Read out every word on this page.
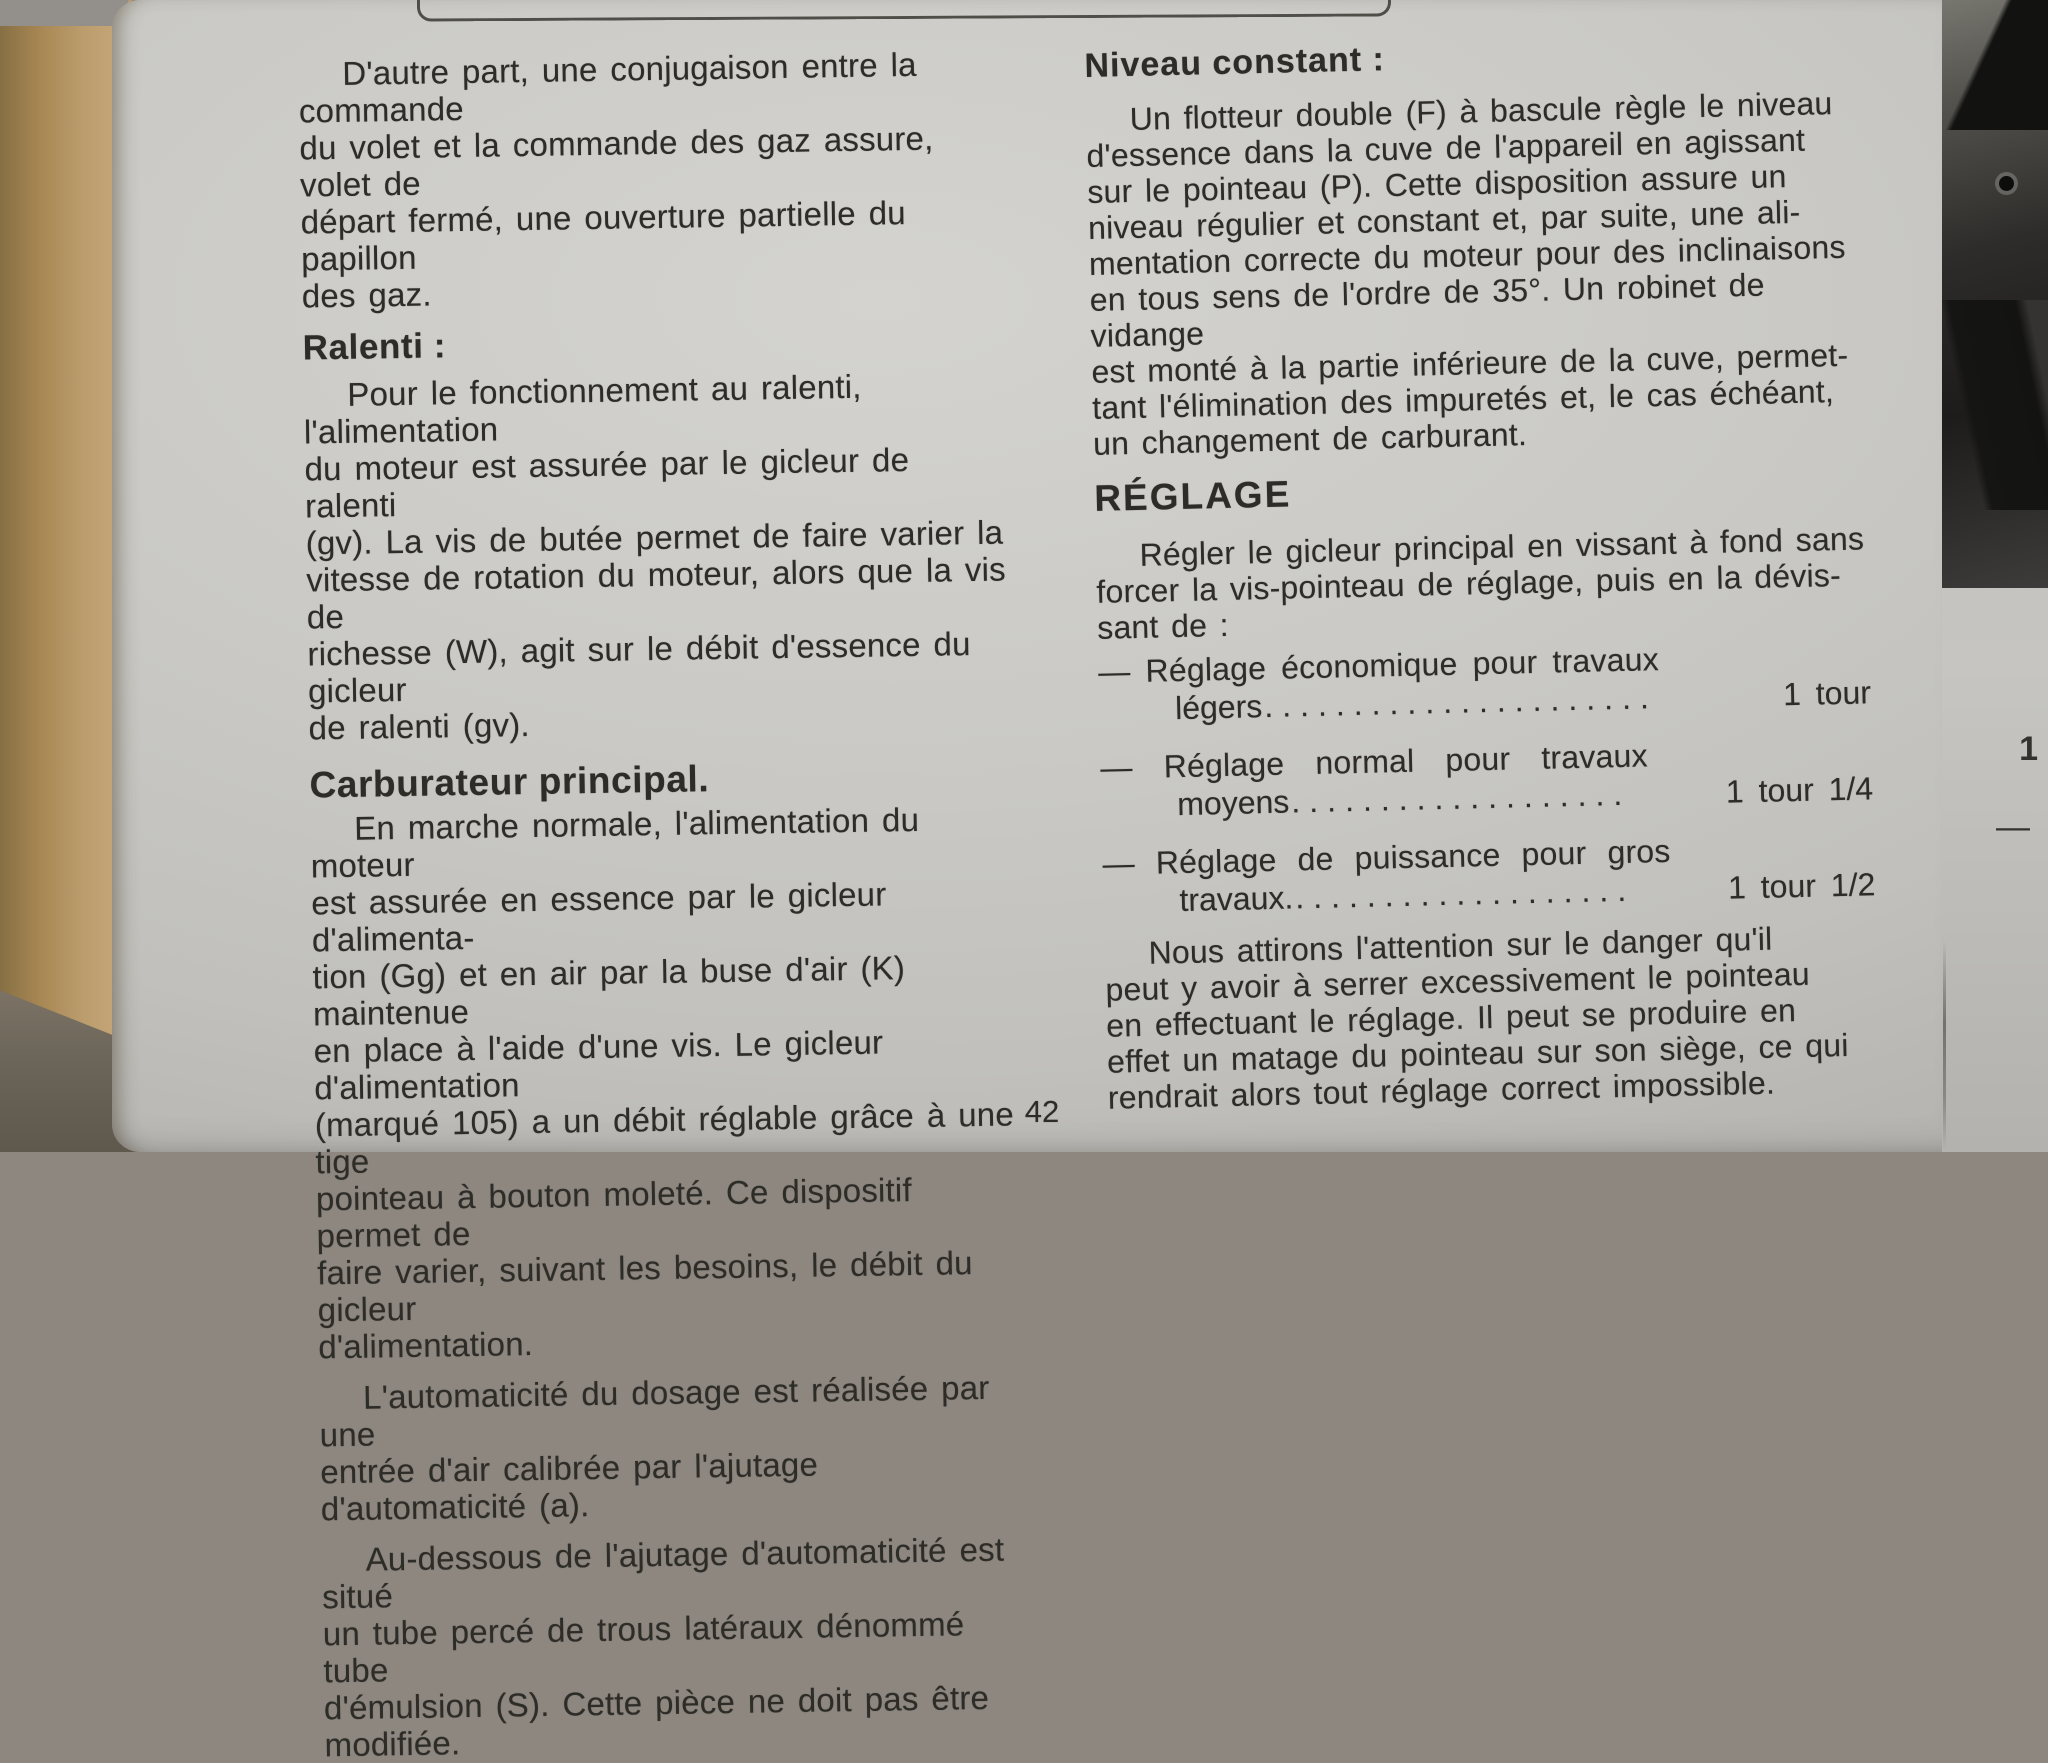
D'autre part, une conjugaison entre la commande
du volet et la commande des gaz assure, volet de
départ fermé, une ouverture partielle du papillon
des gaz.

Ralenti :

Pour le fonctionnement au ralenti, l'alimentation
du moteur est assurée par le gicleur de ralenti
(gv). La vis de butée permet de faire varier la
vitesse de rotation du moteur, alors que la vis de
richesse (W), agit sur le débit d'essence du gicleur
de ralenti (gv).

Carburateur principal.

En marche normale, l'alimentation du moteur
est assurée en essence par le gicleur d'alimenta-
tion (Gg) et en air par la buse d'air (K) maintenue
en place à l'aide d'une vis. Le gicleur d'alimentation
(marqué 105) a un débit réglable grâce à une tige
pointeau à bouton moleté. Ce dispositif permet de
faire varier, suivant les besoins, le débit du gicleur
d'alimentation.

L'automaticité du dosage est réalisée par une
entrée d'air calibrée par l'ajutage d'automaticité (a).

Au-dessous de l'ajutage d'automaticité est situé
un tube percé de trous latéraux dénommé tube
d'émulsion (S). Cette pièce ne doit pas être
modifiée.

Niveau constant :

Un flotteur double (F) à bascule règle le niveau
d'essence dans la cuve de l'appareil en agissant
sur le pointeau (P). Cette disposition assure un
niveau régulier et constant et, par suite, une ali-
mentation correcte du moteur pour des inclinaisons
en tous sens de l'ordre de 35°. Un robinet de vidange
est monté à la partie inférieure de la cuve, permet-
tant l'élimination des impuretés et, le cas échéant,
un changement de carburant.

RÉGLAGE

Régler le gicleur principal en vissant à fond sans
forcer la vis-pointeau de réglage, puis en la dévis-
sant de :

— Réglage économique pour travaux
légers ......................	1 tour
— Réglage normal pour travaux
moyens ...................	1 tour 1/4
— Réglage de puissance pour gros
travaux. ...................	1 tour 1/2

Nous attirons l'attention sur le danger qu'il
peut y avoir à serrer excessivement le pointeau
en effectuant le réglage. Il peut se produire en
effet un matage du pointeau sur son siège, ce qui
rendrait alors tout réglage correct impossible.

42
1
—
